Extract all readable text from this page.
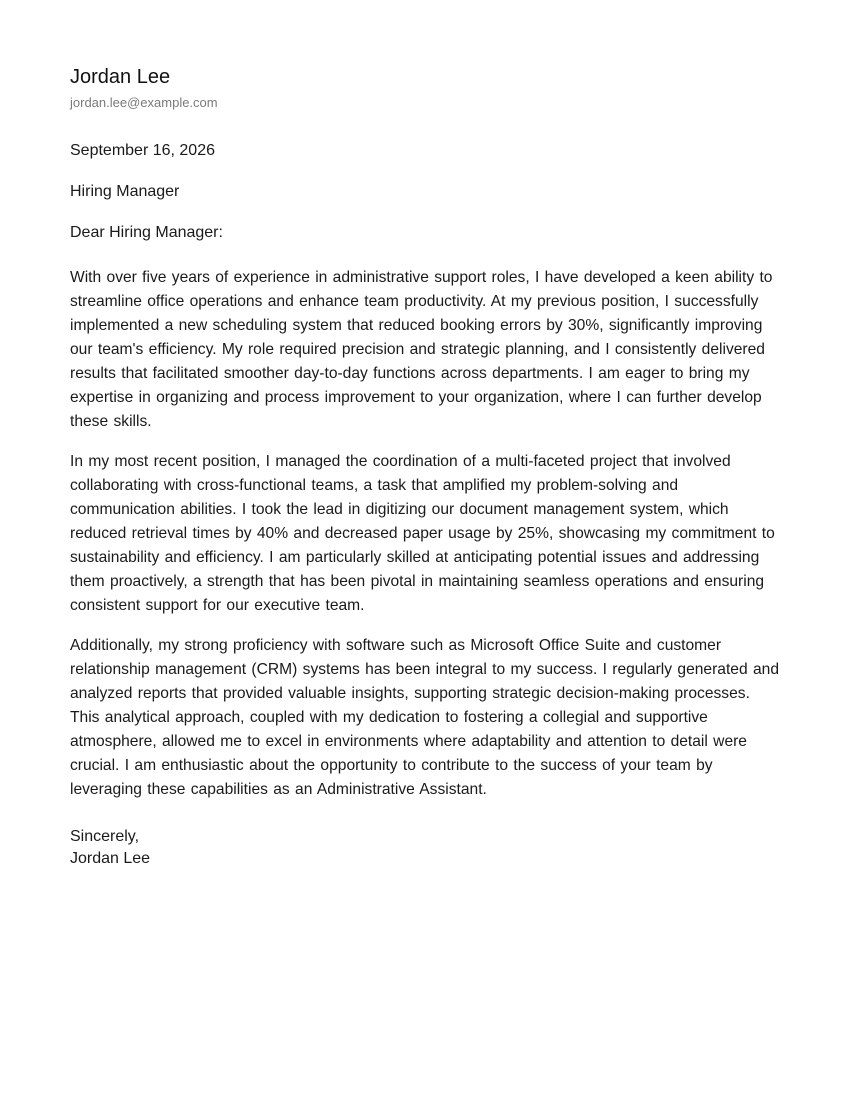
Jordan Lee
jordan.lee@example.com
September 16, 2026
Hiring Manager
Dear Hiring Manager:

With over five years of experience in administrative support roles, I have developed a keen ability to streamline office operations and enhance team productivity. At my previous position, I successfully implemented a new scheduling system that reduced booking errors by 30%, significantly improving our team's efficiency. My role required precision and strategic planning, and I consistently delivered results that facilitated smoother day-to-day functions across departments. I am eager to bring my expertise in organizing and process improvement to your organization, where I can further develop these skills.

In my most recent position, I managed the coordination of a multi-faceted project that involved collaborating with cross-functional teams, a task that amplified my problem-solving and communication abilities. I took the lead in digitizing our document management system, which reduced retrieval times by 40% and decreased paper usage by 25%, showcasing my commitment to sustainability and efficiency. I am particularly skilled at anticipating potential issues and addressing them proactively, a strength that has been pivotal in maintaining seamless operations and ensuring consistent support for our executive team.

Additionally, my strong proficiency with software such as Microsoft Office Suite and customer relationship management (CRM) systems has been integral to my success. I regularly generated and analyzed reports that provided valuable insights, supporting strategic decision-making processes. This analytical approach, coupled with my dedication to fostering a collegial and supportive atmosphere, allowed me to excel in environments where adaptability and attention to detail were crucial. I am enthusiastic about the opportunity to contribute to the success of your team by leveraging these capabilities as an Administrative Assistant.

Sincerely,
Jordan Lee
